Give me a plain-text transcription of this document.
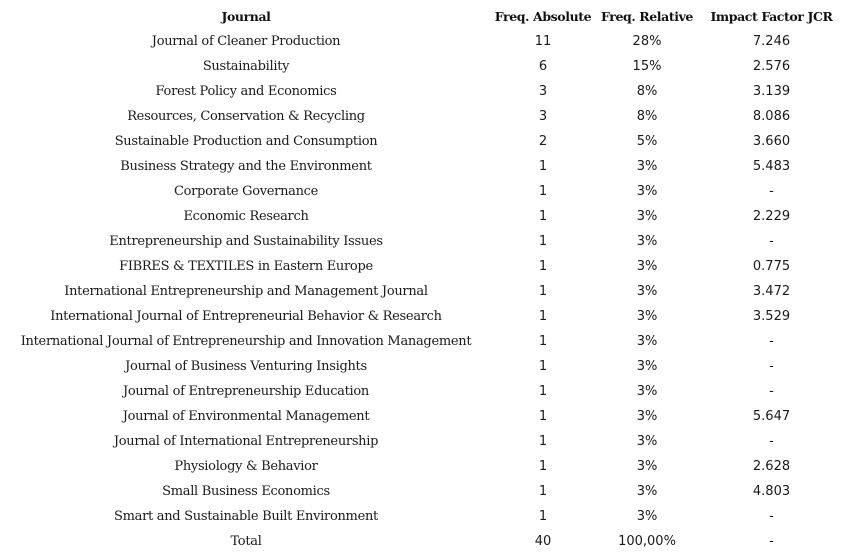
Journal	Freq. Absolute	Freq. Relative	Impact Factor JCR
Journal of Cleaner Production	11	28%	7.246
Sustainability	6	15%	2.576
Forest Policy and Economics	3	8%	3.139
Resources, Conservation & Recycling	3	8%	8.086
Sustainable Production and Consumption	2	5%	3.660
Business Strategy and the Environment	1	3%	5.483
Corporate Governance	1	3%	-
Economic Research	1	3%	2.229
Entrepreneurship and Sustainability Issues	1	3%	-
FIBRES & TEXTILES in Eastern Europe	1	3%	0.775
International Entrepreneurship and Management Journal	1	3%	3.472
International Journal of Entrepreneurial Behavior & Research	1	3%	3.529
International Journal of Entrepreneurship and Innovation Management	1	3%	-
Journal of Business Venturing Insights	1	3%	-
Journal of Entrepreneurship Education	1	3%	-
Journal of Environmental Management	1	3%	5.647
Journal of International Entrepreneurship	1	3%	-
Physiology & Behavior	1	3%	2.628
Small Business Economics	1	3%	4.803
Smart and Sustainable Built Environment	1	3%	-
Total	40	100,00%	-
